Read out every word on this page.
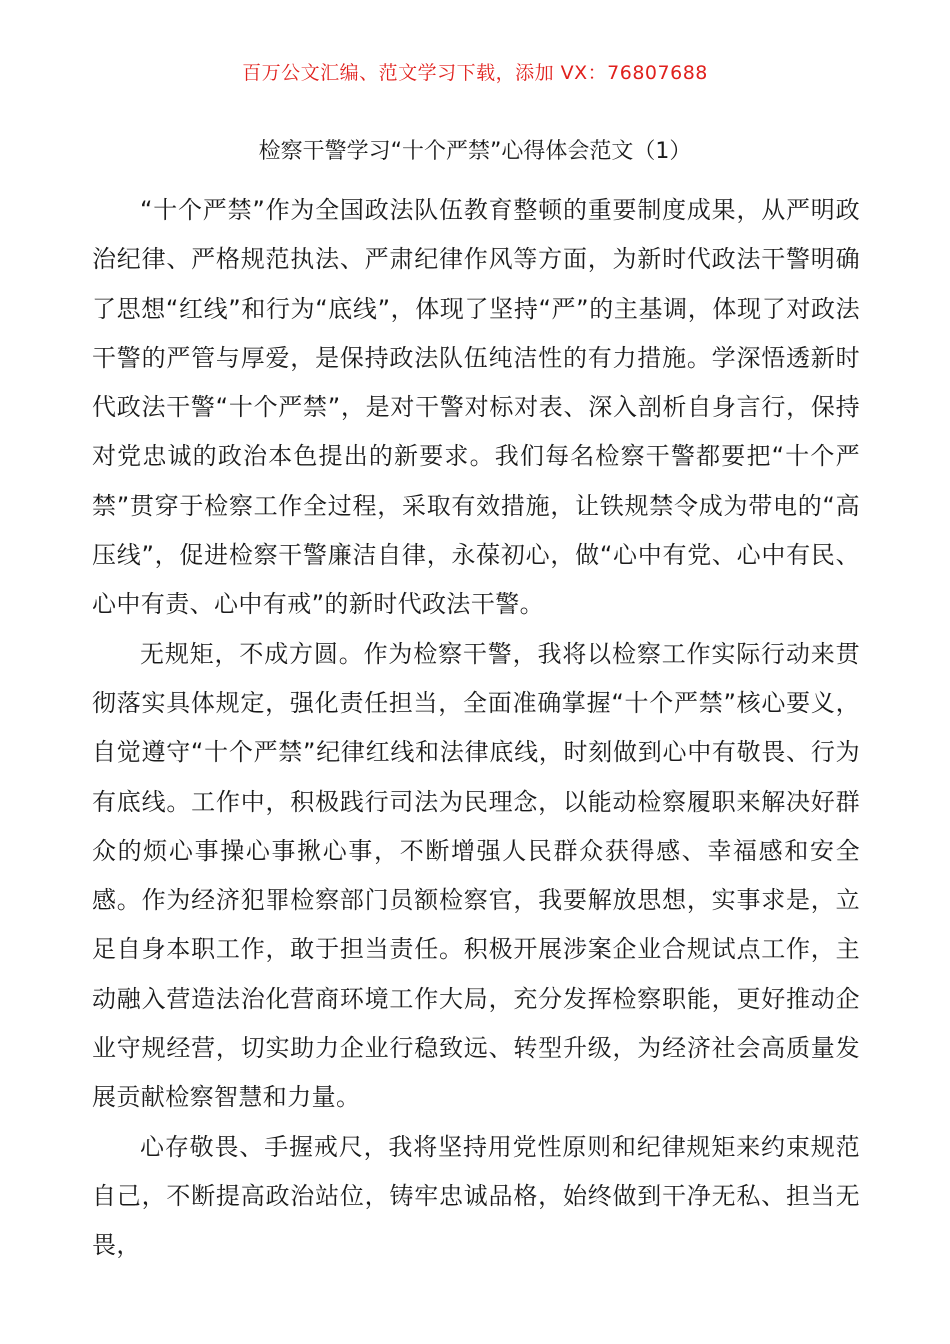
百万公文汇编、范文学习下载，添加 VX：76807688
检察干警学习“十个严禁”心得体会范文（1）

“十个严禁”作为全国政法队伍教育整顿的重要制度成果，从严明政治纪律、严格规范执法、严肃纪律作风等方面，为新时代政法干警明确了思想“红线”和行为“底线”，体现了坚持“严”的主基调，体现了对政法干警的严管与厚爱，是保持政法队伍纯洁性的有力措施。学深悟透新时代政法干警“十个严禁”，是对干警对标对表、深入剖析自身言行，保持对党忠诚的政治本色提出的新要求。我们每名检察干警都要把“十个严禁”贯穿于检察工作全过程，采取有效措施，让铁规禁令成为带电的“高压线”，促进检察干警廉洁自律，永葆初心，做“心中有党、心中有民、心中有责、心中有戒”的新时代政法干警。

无规矩，不成方圆。作为检察干警，我将以检察工作实际行动来贯彻落实具体规定，强化责任担当，全面准确掌握“十个严禁”核心要义，自觉遵守“十个严禁”纪律红线和法律底线，时刻做到心中有敬畏、行为有底线。工作中，积极践行司法为民理念，以能动检察履职来解决好群众的烦心事操心事揪心事，不断增强人民群众获得感、幸福感和安全感。作为经济犯罪检察部门员额检察官，我要解放思想，实事求是，立足自身本职工作，敢于担当责任。积极开展涉案企业合规试点工作，主动融入营造法治化营商环境工作大局，充分发挥检察职能，更好推动企业守规经营，切实助力企业行稳致远、转型升级，为经济社会高质量发展贡献检察智慧和力量。

心存敬畏、手握戒尺，我将坚持用党性原则和纪律规矩来约束规范自己，不断提高政治站位，铸牢忠诚品格，始终做到干净无私、担当无畏，
